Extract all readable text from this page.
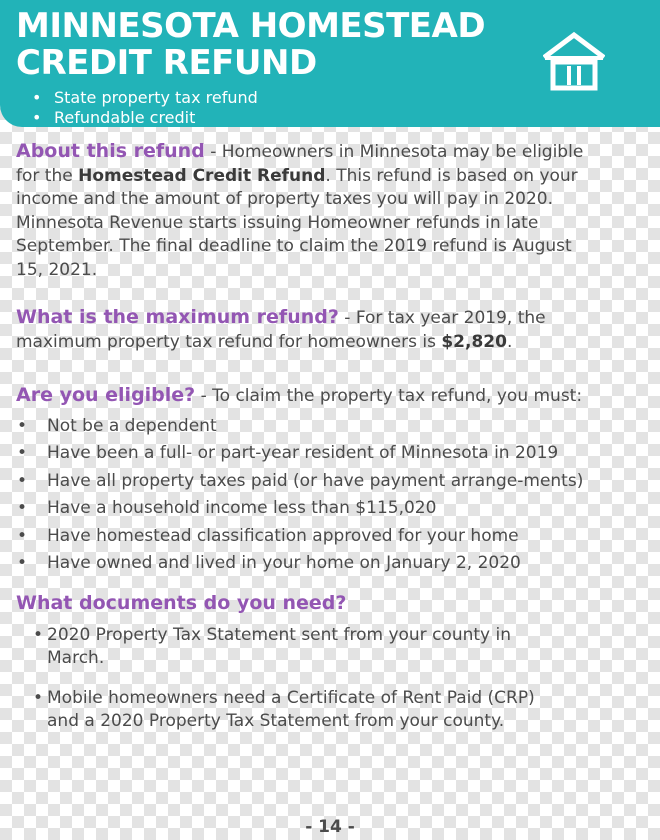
MINNESOTA HOMESTEAD
CREDIT REFUND
• State property tax refund
• Refundable credit

About this refund - Homeowners in Minnesota may be eligible for the Homestead Credit Refund. This refund is based on your income and the amount of property taxes you will pay in 2020. Minnesota Revenue starts issuing Homeowner refunds in late September. The final deadline to claim the 2019 refund is August 15, 2021.

What is the maximum refund? - For tax year 2019, the maximum property tax refund for homeowners is $2,820.

Are you eligible? - To claim the property tax refund, you must:

• Not be a dependent
• Have been a full- or part-year resident of Minnesota in 2019
• Have all property taxes paid (or have payment arrange-ments)
• Have a household income less than $115,020
• Have homestead classification approved for your home
• Have owned and lived in your home on January 2, 2020
What documents do you need?
• 2020 Property Tax Statement sent from your county in March.
• Mobile homeowners need a Certificate of Rent Paid (CRP) and a 2020 Property Tax Statement from your county.
- 14 -
